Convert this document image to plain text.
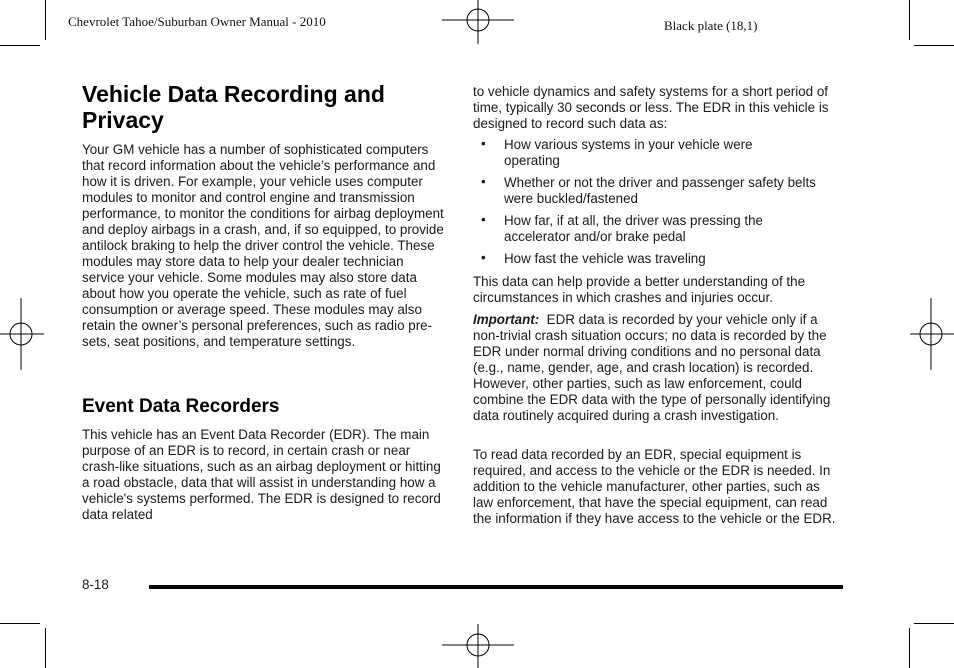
Chevrolet Tahoe/Suburban Owner Manual - 2010	Black plate (18,1)
Vehicle Data Recording and Privacy

Your GM vehicle has a number of sophisticated computers that record information about the vehicle’s performance and how it is driven. For example, your vehicle uses computer modules to monitor and control engine and transmission performance, to monitor the conditions for airbag deployment and deploy airbags in a crash, and, if so equipped, to provide antilock braking to help the driver control the vehicle. These modules may store data to help your dealer technician service your vehicle. Some modules may also store data about how you operate the vehicle, such as rate of fuel consumption or average speed. These modules may also retain the owner’s personal preferences, such as radio pre-sets, seat positions, and temperature settings.

Event Data Recorders

This vehicle has an Event Data Recorder (EDR). The main purpose of an EDR is to record, in certain crash or near crash-like situations, such as an airbag deployment or hitting a road obstacle, data that will assist in understanding how a vehicle's systems performed. The EDR is designed to record data related

to vehicle dynamics and safety systems for a short period of time, typically 30 seconds or less. The EDR in this vehicle is designed to record such data as:

• How various systems in your vehicle were operating
• Whether or not the driver and passenger safety belts were buckled/fastened
• How far, if at all, the driver was pressing the accelerator and/or brake pedal
• How fast the vehicle was traveling

This data can help provide a better understanding of the circumstances in which crashes and injuries occur.

Important: EDR data is recorded by your vehicle only if a non-trivial crash situation occurs; no data is recorded by the EDR under normal driving conditions and no personal data (e.g., name, gender, age, and crash location) is recorded. However, other parties, such as law enforcement, could combine the EDR data with the type of personally identifying data routinely acquired during a crash investigation.

To read data recorded by an EDR, special equipment is required, and access to the vehicle or the EDR is needed. In addition to the vehicle manufacturer, other parties, such as law enforcement, that have the special equipment, can read the information if they have access to the vehicle or the EDR.

8-18
